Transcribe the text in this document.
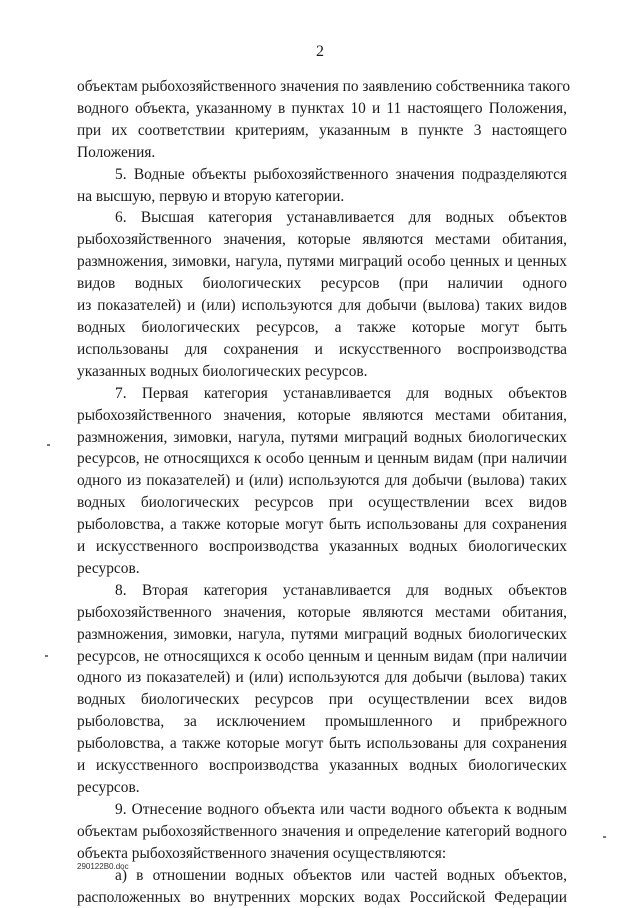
2
объектам рыбохозяйственного значения по заявлению собственника такого
водного объекта, указанному в пунктах 10 и 11 настоящего Положения,
при их соответствии критериям, указанным в пункте 3 настоящего
Положения.
5. Водные объекты рыбохозяйственного значения подразделяются
на высшую, первую и вторую категории.
6. Высшая категория устанавливается для водных объектов
рыбохозяйственного значения, которые являются местами обитания,
размножения, зимовки, нагула, путями миграций особо ценных и ценных
видов водных биологических ресурсов (при наличии одного
из показателей) и (или) используются для добычи (вылова) таких видов
водных биологических ресурсов, а также которые могут быть
использованы для сохранения и искусственного воспроизводства
указанных водных биологических ресурсов.
7. Первая категория устанавливается для водных объектов
рыбохозяйственного значения, которые являются местами обитания,
размножения, зимовки, нагула, путями миграций водных биологических
ресурсов, не относящихся к особо ценным и ценным видам (при наличии
одного из показателей) и (или) используются для добычи (вылова) таких
водных биологических ресурсов при осуществлении всех видов
рыболовства, а также которые могут быть использованы для сохранения
и искусственного воспроизводства указанных водных биологических
ресурсов.
8. Вторая категория устанавливается для водных объектов
рыбохозяйственного значения, которые являются местами обитания,
размножения, зимовки, нагула, путями миграций водных биологических
ресурсов, не относящихся к особо ценным и ценным видам (при наличии
одного из показателей) и (или) используются для добычи (вылова) таких
водных биологических ресурсов при осуществлении всех видов
рыболовства, за исключением промышленного и прибрежного
рыболовства, а также которые могут быть использованы для сохранения
и искусственного воспроизводства указанных водных биологических
ресурсов.
9. Отнесение водного объекта или части водного объекта к водным
объектам рыбохозяйственного значения и определение категорий водного
объекта рыбохозяйственного значения осуществляются:
а) в отношении водных объектов или частей водных объектов,
расположенных во внутренних морских водах Российской Федерации
290122В0.doc
